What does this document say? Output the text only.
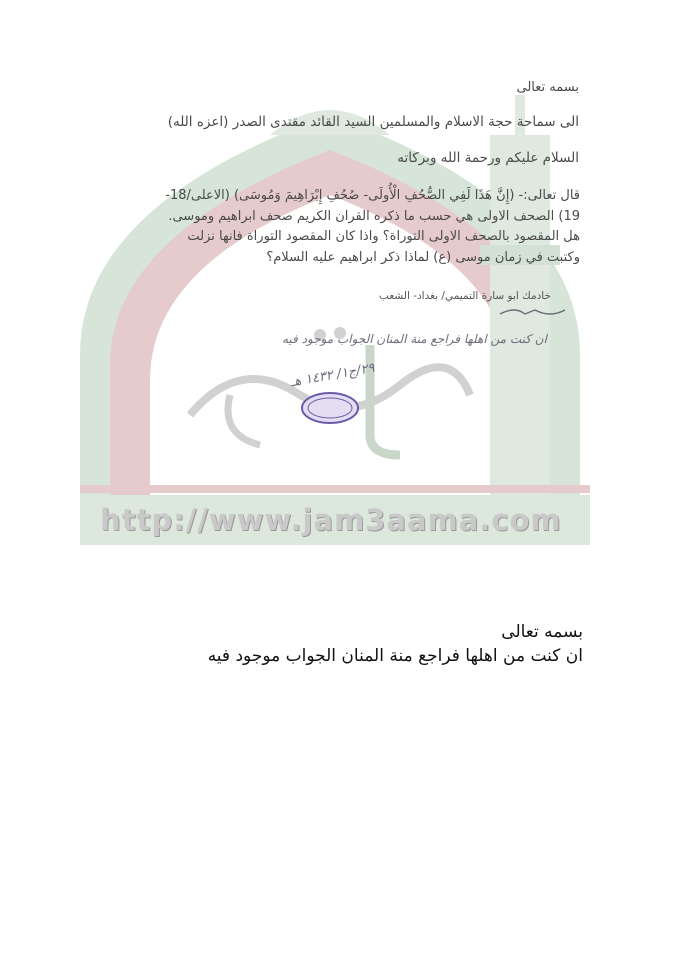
http://www.jam3aama.com
بسمه تعالى
الى سماحة حجة الاسلام والمسلمين السيد القائد مقتدى الصدر (اعزه الله)
السلام عليكم ورحمة الله وبركاته

قال تعالى:- (إِنَّ هَذَا لَفِي الصُّحُفِ الْأُولَى- صُحُفِ إِبْرَاهِيمَ وَمُوسَى) (الاعلى/18-

19) الصحف الاولى هي حسب ما ذكره القران الكريم صحف ابراهيم وموسى.

هل المقصود بالصحف الاولى التوراة؟ واذا كان المقصود التوراة فانها نزلت

وكتبت في زمان موسى (ع) لماذا ذكر ابراهيم عليه السلام؟

خادمك ابو سارة التميمي/ بغداد- الشعب
ان كنت من اهلها فراجع منة المنان الجواب موجود فيه
٢٩/ج١/ ١٤٣٢ هـ
بسمه تعالى
ان كنت من اهلها فراجع منة المنان الجواب موجود فيه
